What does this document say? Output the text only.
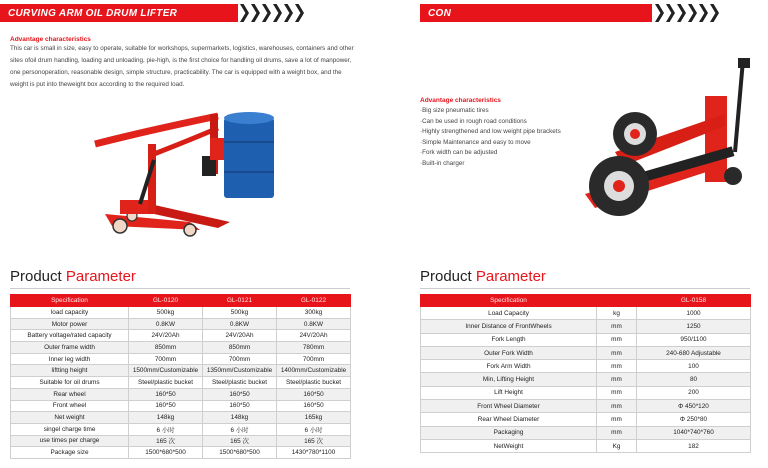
CURVING ARM OIL DRUM LIFTER	CON
Advantage characteristics
This car is small in size, easy to operate, suitable for workshops, supermarkets, logistics, warehouses, containers and other sites ofoil drum handling, loading and unloading, pie-high, is the first choice for handling oil drums, save a lot of manpower, one personoperation, reasonable design, simple structure, practicability. The car is equipped with a weight box, and the weight is put into theweight box according to the required load.
Advantage characteristics
·Big size pneumatic tires
·Can be used in rough road conditions
·Highly strengthened and low weight pipe brackets
·Simple Maintenance and easy to move
·Fork width can be adjusted
·Built-in charger
Product Parameter	Product Parameter
Specification	GL-0120	GL-0121	GL-0122
load capacity	500kg	500kg	300kg
Motor power	0.8KW	0.8KW	0.8KW
Battery voltage/rated capacity	24V/20Ah	24V/20Ah	24V/20Ah
Outer frame width	850mm	850mm	780mm
Inner leg width	700mm	700mm	700mm
liftting height	1500mm/Customizable	1350mm/Customizable	1400mm/Customizable
Suitable for oil drums	Steel/plastic bucket	Steel/plastic bucket	Steel/plastic bucket
Rear wheel	160*50	160*50	160*50
Front wheel	160*50	160*50	160*50
Net weight	148kg	148kg	165kg
singel charge time	6 小时	6 小时	6 小时
use times per charge	165 次	165 次	165 次
Package size	1500*680*500	1500*680*500	1430*780*1100
Specification		GL-0158
Load Capacity	kg	1000
Inner Distance of FrontWheels	mm	1250
Fork Length	mm	950/1100
Outer Fork Width	mm	240-680 Adjustable
Fork Arm Width	mm	100
Min, Lifting Height	mm	80
Lift Height	mm	200
Front Wheel Diameter	mm	Φ 450*120
Rear Wheel Diameter	mm	Φ 250*80
Packaging	mm	1040*740*760
NetWeight	Kg	182
